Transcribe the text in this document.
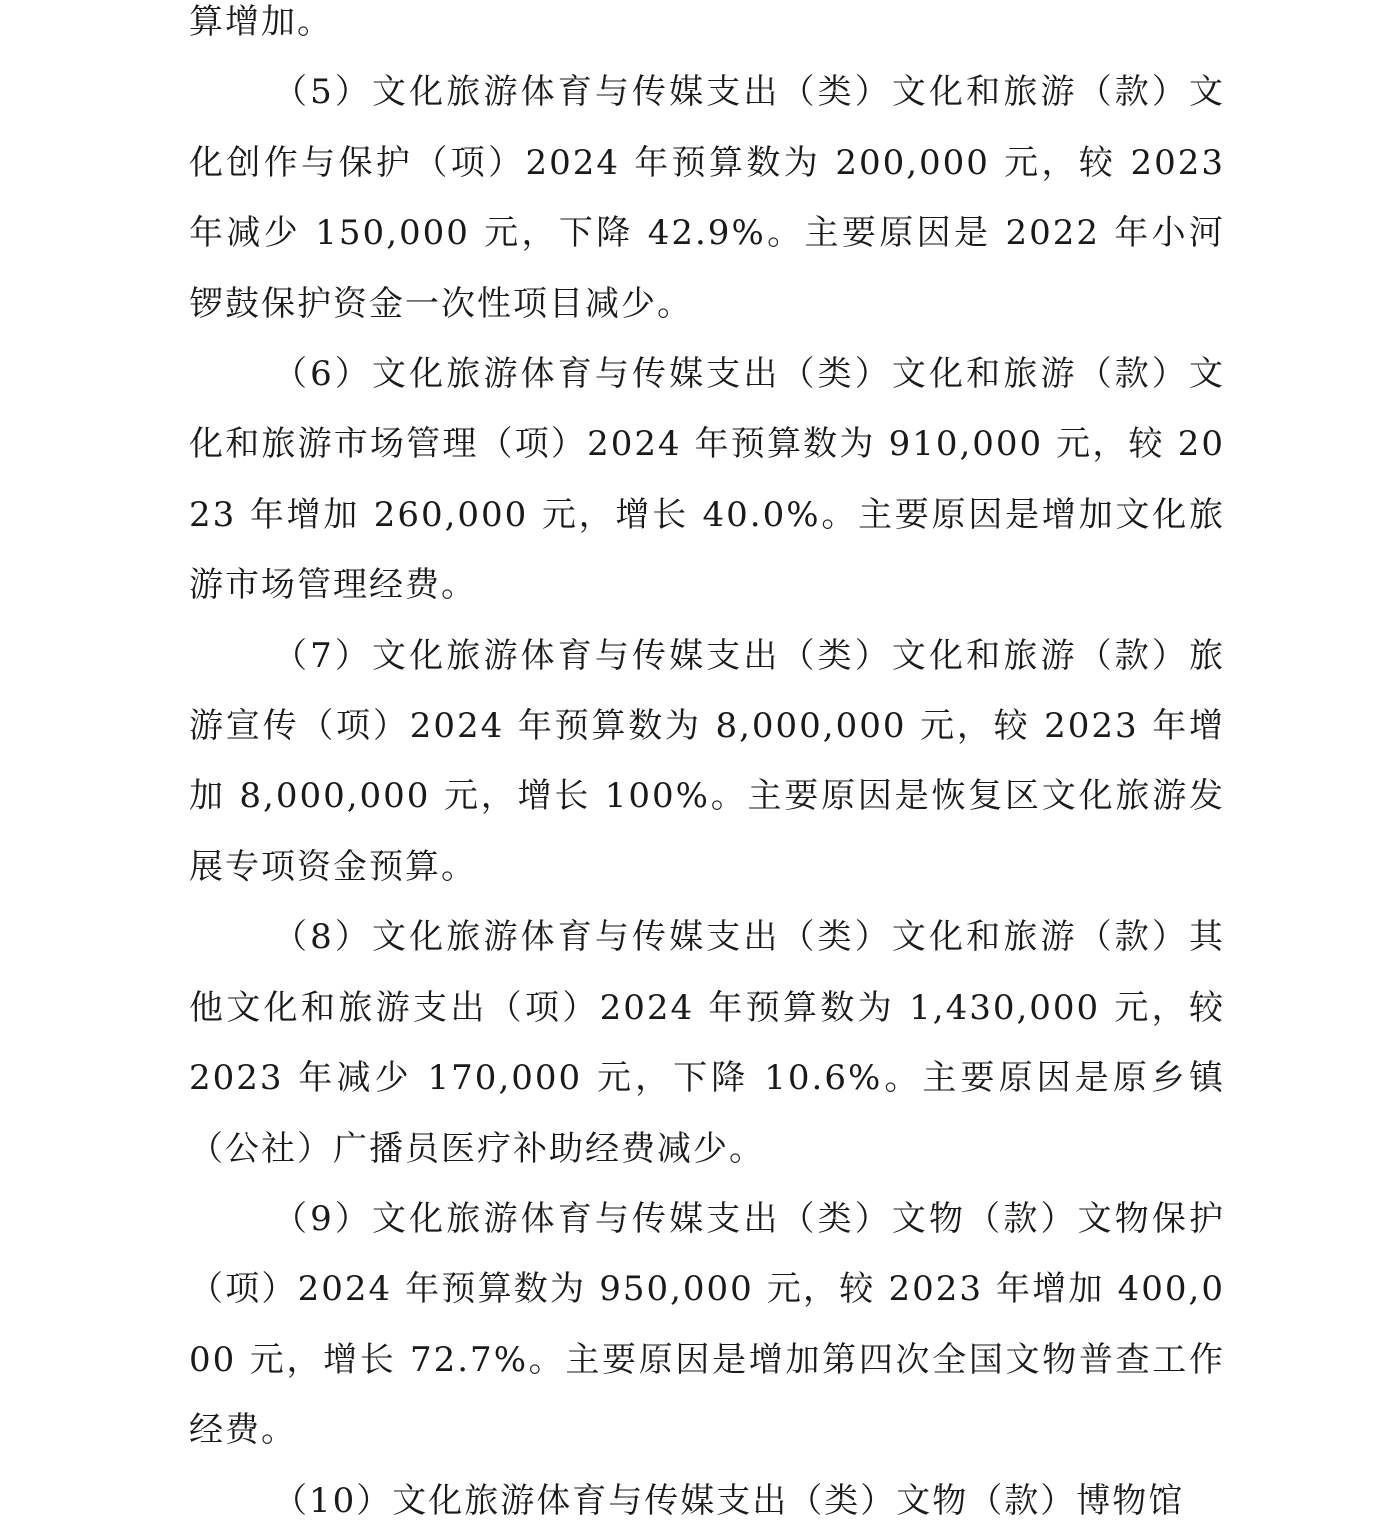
算增加。

（5）文化旅游体育与传媒支出（类）文化和旅游（款）文化创作与保护（项）2024 年预算数为 200,000 元，较 2023 年减少 150,000 元，下降 42.9%。主要原因是 2022 年小河锣鼓保护资金一次性项目减少。

（6）文化旅游体育与传媒支出（类）文化和旅游（款）文化和旅游市场管理（项）2024 年预算数为 910,000 元，较 2023 年增加 260,000 元，增长 40.0%。主要原因是增加文化旅游市场管理经费。

（7）文化旅游体育与传媒支出（类）文化和旅游（款）旅游宣传（项）2024 年预算数为 8,000,000 元，较 2023 年增加 8,000,000 元，增长 100%。主要原因是恢复区文化旅游发展专项资金预算。

（8）文化旅游体育与传媒支出（类）文化和旅游（款）其他文化和旅游支出（项）2024 年预算数为 1,430,000 元，较 2023 年减少 170,000 元，下降 10.6%。主要原因是原乡镇（公社）广播员医疗补助经费减少。

（9）文化旅游体育与传媒支出（类）文物（款）文物保护（项）2024 年预算数为 950,000 元，较 2023 年增加 400,000 元，增长 72.7%。主要原因是增加第四次全国文物普查工作经费。

（10）文化旅游体育与传媒支出（类）文物（款）博物馆
